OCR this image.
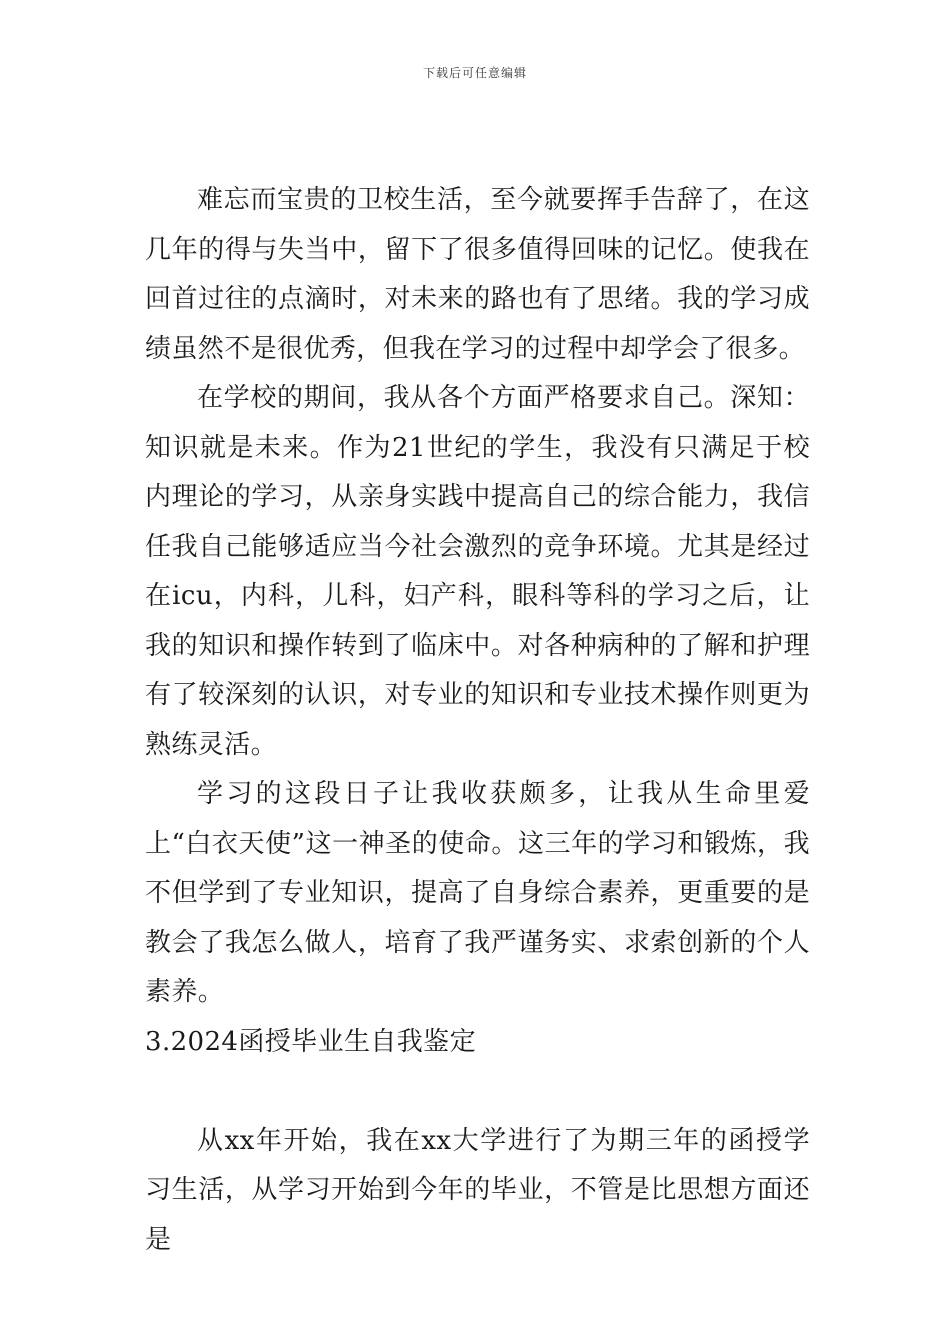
下载后可任意编辑

难忘而宝贵的卫校生活，至今就要挥手告辞了，在这几年的得与失当中，留下了很多值得回味的记忆。使我在回首过往的点滴时，对未来的路也有了思绪。我的学习成绩虽然不是很优秀，但我在学习的过程中却学会了很多。

在学校的期间，我从各个方面严格要求自己。深知：知识就是未来。作为21世纪的学生，我没有只满足于校内理论的学习，从亲身实践中提高自己的综合能力，我信任我自己能够适应当今社会激烈的竞争环境。尤其是经过在icu，内科，儿科，妇产科，眼科等科的学习之后，让我的知识和操作转到了临床中。对各种病种的了解和护理有了较深刻的认识，对专业的知识和专业技术操作则更为熟练灵活。

学习的这段日子让我收获颇多，让我从生命里爱上“白衣天使”这一神圣的使命。这三年的学习和锻炼，我不但学到了专业知识，提高了自身综合素养，更重要的是教会了我怎么做人，培育了我严谨务实、求索创新的个人素养。

3.2024函授毕业生自我鉴定

从xx年开始，我在xx大学进行了为期三年的函授学习生活，从学习开始到今年的毕业，不管是比思想方面还是
